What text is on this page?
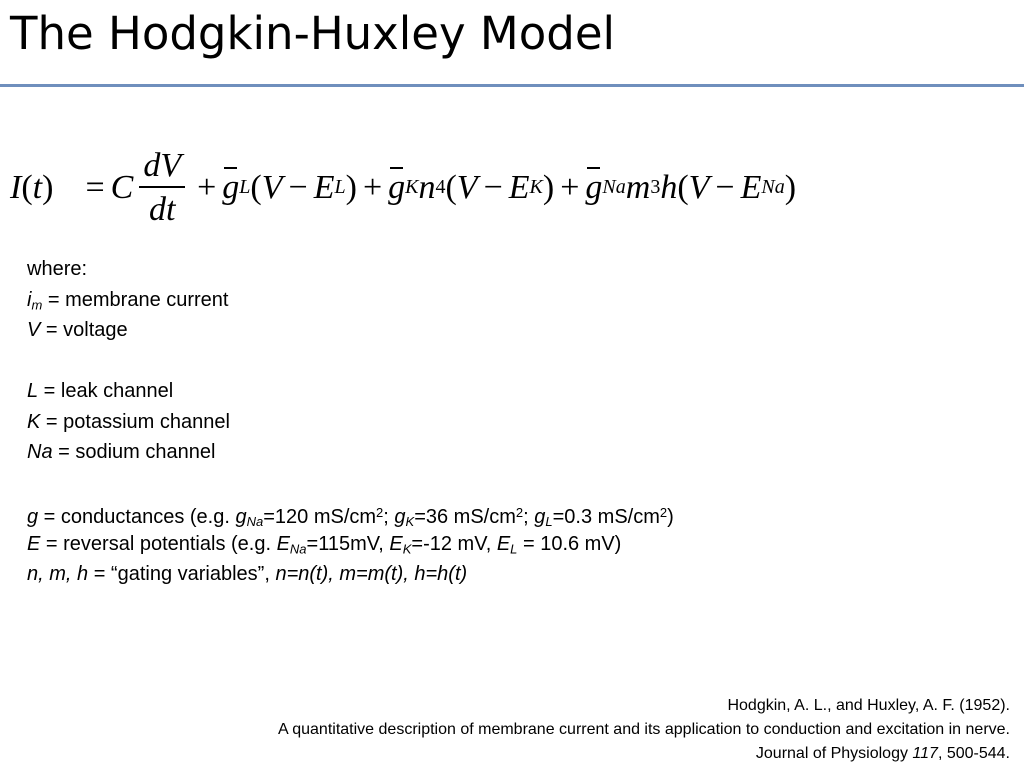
The Hodgkin-Huxley Model
I ( t ) = C $\frac{dV}{dt} + g$ L ( V − E L ) + g K n 4 ( V − E K ) + g Na m 3 h ( V − E Na )
where:
$i_m$ = membrane current
V = voltage
L = leak channel
K = potassium channel
Na = sodium channel
g = conductances (e.g. $g_{Na}=120$ $mS/cm^2$; $g_K=36$ $mS/cm^2$; $g_L=0.3$ $mS/cm^2$)
E = reversal potentials (e.g. $E_{Na}=115mV$, $E_K=-12$ mV, $E_L = 10.6$ mV)
n, m, h = “gating variables”, n=n(t), m=m(t), h=h(t)
Hodgkin, A. L., and Huxley, A. F. (1952).
A quantitative description of membrane current and its application to conduction and excitation in nerve.
Journal of Physiology 117, 500-544.
